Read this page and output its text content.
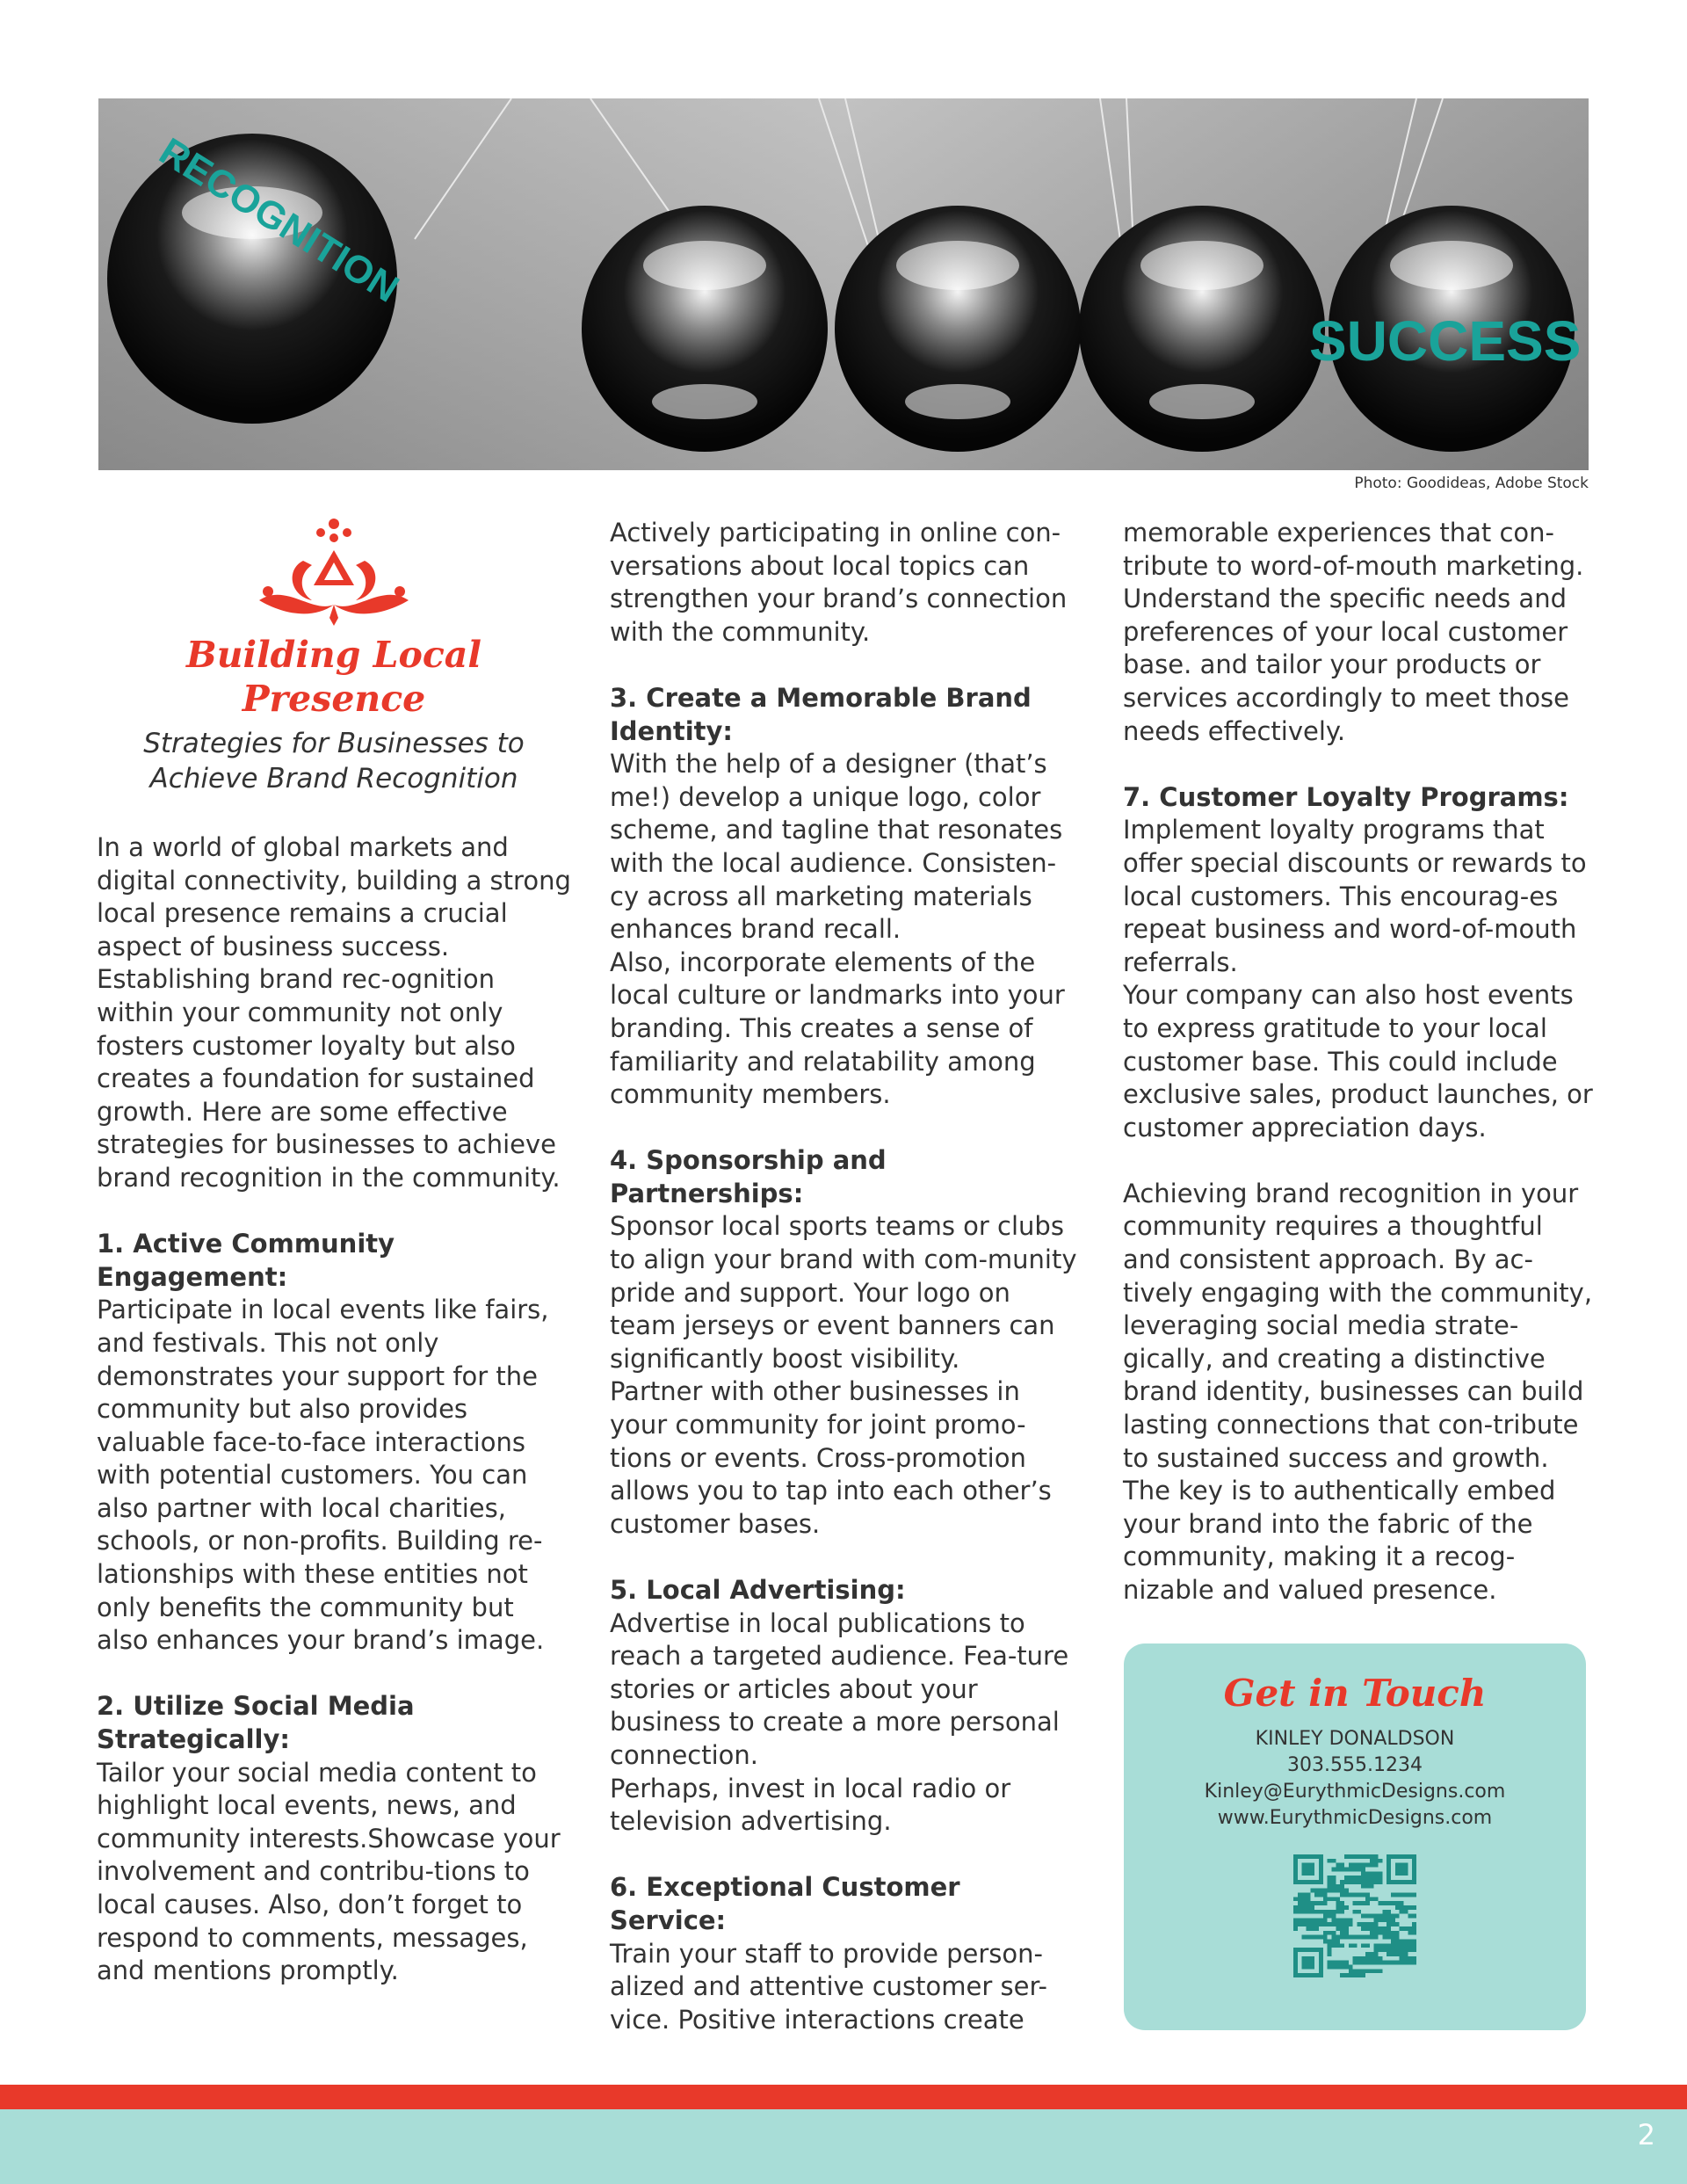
RECOGNITION
SUCCESS
Photo: Goodideas, Adobe Stock
Building Local
Presence
Strategies for Businesses to
Achieve Brand Recognition

In a world of global markets and digital connectivity, building a strong local presence remains a crucial aspect of business success. Establishing brand rec-ognition within your community not only fosters customer loyalty but also creates a foundation for sustained growth. Here are some effective strategies for businesses to achieve brand recognition in the community.

1. Active Community Engagement:

Participate in local events like fairs, and festivals. This not only demonstrates your support for the community but also provides valuable face-to-face interactions with potential customers. You can also partner with local charities, schools, or non-profits. Building re-lationships with these entities not only benefits the community but also enhances your brand’s image.

2. Utilize Social Media Strategically:

Tailor your social media content to highlight local events, news, and community interests.Showcase your involvement and contribu-tions to local causes. Also, don’t forget to respond to comments, messages, and mentions promptly.

Actively participating in online con-versations about local topics can strengthen your brand’s connection with the community.

3. Create a Memorable Brand Identity:

With the help of a designer (that’s me!) develop a unique logo, color scheme, and tagline that resonates with the local audience. Consisten-cy across all marketing materials enhances brand recall.

Also, incorporate elements of the local culture or landmarks into your branding. This creates a sense of familiarity and relatability among community members.

4. Sponsorship and Partnerships:

Sponsor local sports teams or clubs to align your brand with com-munity pride and support. Your logo on team jerseys or event banners can significantly boost visibility.

Partner with other businesses in your community for joint promo-tions or events. Cross-promotion allows you to tap into each other’s customer bases.

5. Local Advertising:

Advertise in local publications to reach a targeted audience. Fea-ture stories or articles about your business to create a more personal connection.

Perhaps, invest in local radio or television advertising.

6. Exceptional Customer Service:

Train your staff to provide person-alized and attentive customer ser-vice. Positive interactions create

memorable experiences that con-tribute to word-of-mouth marketing. Understand the specific needs and preferences of your local customer base. and tailor your products or services accordingly to meet those needs effectively.

7. Customer Loyalty Programs:

Implement loyalty programs that offer special discounts or rewards to local customers. This encourag-es repeat business and word-of-mouth referrals.

Your company can also host events to express gratitude to your local customer base. This could include exclusive sales, product launches, or customer appreciation days.

Achieving brand recognition in your community requires a thoughtful and consistent approach. By ac-tively engaging with the community, leveraging social media strate-gically, and creating a distinctive brand identity, businesses can build lasting connections that con-tribute to sustained success and growth. The key is to authentically embed your brand into the fabric of the community, making it a recog-nizable and valued presence.

Get in Touch
KINLEY DONALDSON
303.555.1234
Kinley@EurythmicDesigns.com
www.EurythmicDesigns.com
2
